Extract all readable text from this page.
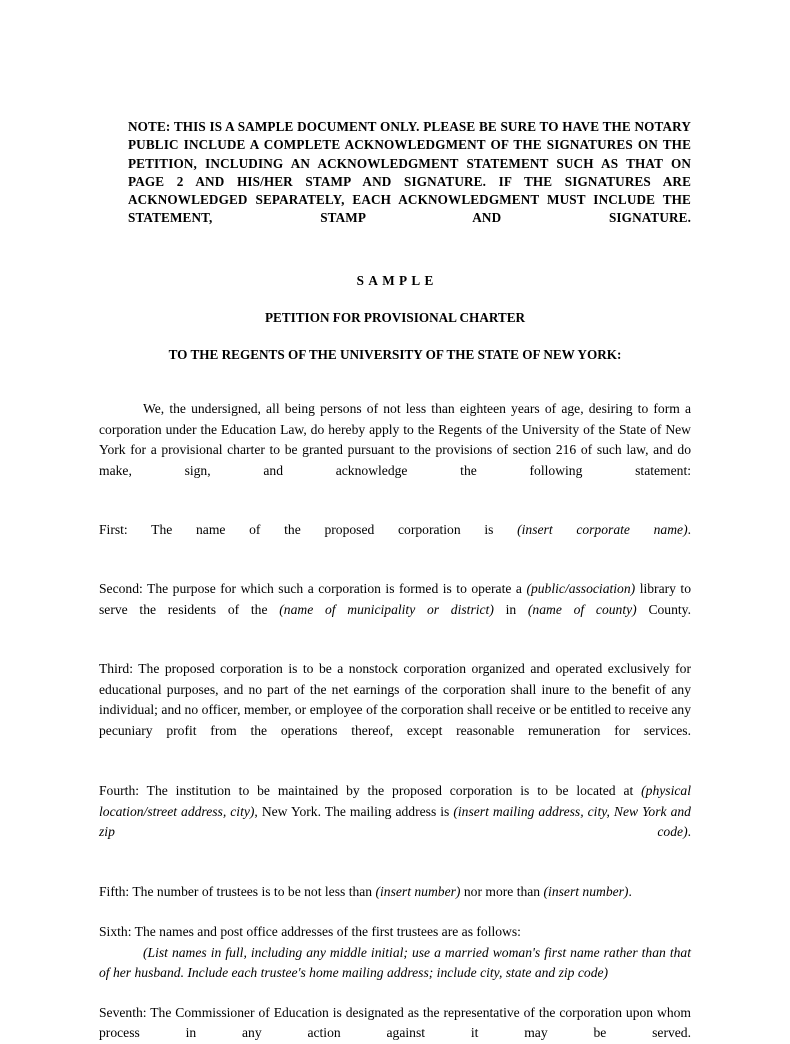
NOTE: THIS IS A SAMPLE DOCUMENT ONLY. PLEASE BE SURE TO HAVE THE NOTARY PUBLIC INCLUDE A COMPLETE ACKNOWLEDGMENT OF THE SIGNATURES ON THE PETITION, INCLUDING AN ACKNOWLEDGMENT STATEMENT SUCH AS THAT ON PAGE 2 AND HIS/HER STAMP AND SIGNATURE. IF THE SIGNATURES ARE ACKNOWLEDGED SEPARATELY, EACH ACKNOWLEDGMENT MUST INCLUDE THE STATEMENT, STAMP AND SIGNATURE.
SAMPLE
PETITION FOR PROVISIONAL CHARTER
TO THE REGENTS OF THE UNIVERSITY OF THE STATE OF NEW YORK:

We, the undersigned, all being persons of not less than eighteen years of age, desiring to form a corporation under the Education Law, do hereby apply to the Regents of the University of the State of New York for a provisional charter to be granted pursuant to the provisions of section 216 of such law, and do make, sign, and acknowledge the following statement:

First: The name of the proposed corporation is (insert corporate name).

Second: The purpose for which such a corporation is formed is to operate a (public/association) library to serve the residents of the (name of municipality or district) in (name of county) County.

Third: The proposed corporation is to be a nonstock corporation organized and operated exclusively for educational purposes, and no part of the net earnings of the corporation shall inure to the benefit of any individual; and no officer, member, or employee of the corporation shall receive or be entitled to receive any pecuniary profit from the operations thereof, except reasonable remuneration for services.

Fourth: The institution to be maintained by the proposed corporation is to be located at (physical location/street address, city), New York. The mailing address is (insert mailing address, city, New York and zip code).

Fifth: The number of trustees is to be not less than (insert number) nor more than (insert number).

Sixth: The names and post office addresses of the first trustees are as follows:

(List names in full, including any middle initial; use a married woman's first name rather than that of her husband. Include each trustee's home mailing address; include city, state and zip code)

Seventh: The Commissioner of Education is designated as the representative of the corporation upon whom process in any action against it may be served.
